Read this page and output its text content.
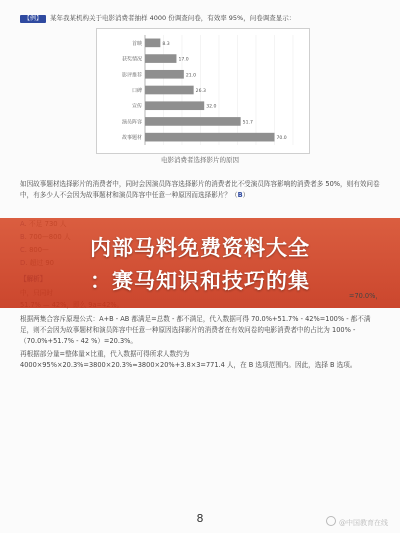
【例】 某年我某机构关于电影消费者抽样 4000 份调查问卷，有效率 95%，问卷调查显示：
首映	8.3
获奖情况	17.0
影评推荐	21.0
口碑	26.3
宣传	32.0
演员阵容	51.7
故事题材	70.0
电影消费者选择影片的原因
如因故事题材选择影片的消费者中，同时会因演员阵容选择影片的消费者比不受演员阵容影响的消费者多 50%，则有效问卷中，有多少人不会因为故事题材和演员阵容中任意一种原因而选择影片？（B）
内部马料免费资料大全
：赛马知识和技巧的集
=70.0%，
根据两集合容斥原理公式：A+B - AB 都满足=总数 - 都不满足，代入数据可得 70.0%+51.7% - 42%=100% - 都不满足，则不会因为故事题材和演员阵容中任意一种原因选择影片的消费者在有效问卷的电影消费者中的占比为 100% - （70.0%+51.7% - 42 %）=20.3%。
再根据部分量=整体量×比重，代入数据可得所求人数约为 4000×95%×20.3%=3800×20.3%≈3800×20%+3.8×3=771.4 人，在 B 选项范围内。因此，选择 B 选项。
8	@中国教育在线
